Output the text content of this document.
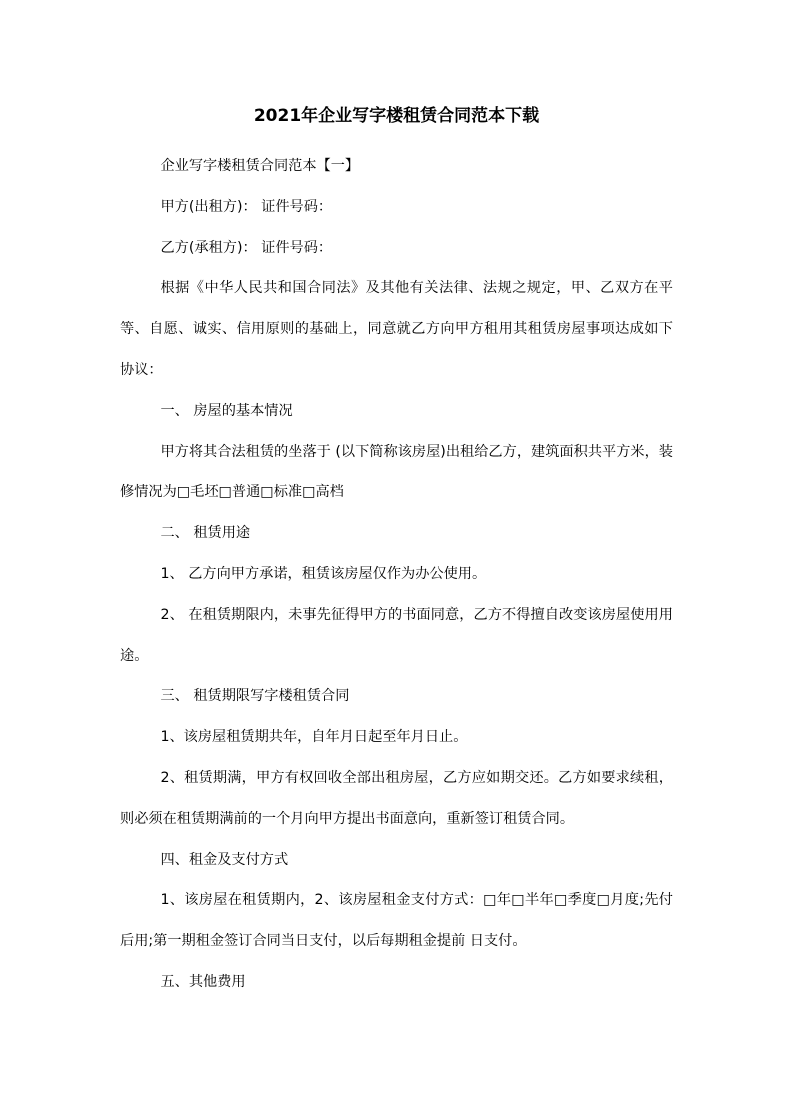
2021年企业写字楼租赁合同范本下载

企业写字楼租赁合同范本【一】

甲方(出租方)： 证件号码：

乙方(承租方)： 证件号码：

根据《中华人民共和国合同法》及其他有关法律、法规之规定，甲、乙双方在平等、自愿、诚实、信用原则的基础上，同意就乙方向甲方租用其租赁房屋事项达成如下协议：

一、 房屋的基本情况

甲方将其合法租赁的坐落于 (以下简称该房屋)出租给乙方，建筑面积共平方米，装修情况为□毛坯□普通□标准□高档

二、 租赁用途

1、 乙方向甲方承诺，租赁该房屋仅作为办公使用。

2、 在租赁期限内，未事先征得甲方的书面同意，乙方不得擅自改变该房屋使用用途。

三、 租赁期限写字楼租赁合同

1、该房屋租赁期共年，自年月日起至年月日止。

2、租赁期满，甲方有权回收全部出租房屋，乙方应如期交还。乙方如要求续租，则必须在租赁期满前的一个月向甲方提出书面意向，重新签订租赁合同。

四、租金及支付方式

1、该房屋在租赁期内，2、该房屋租金支付方式：□年□半年□季度□月度;先付后用;第一期租金签订合同当日支付，以后每期租金提前 日支付。

五、其他费用
